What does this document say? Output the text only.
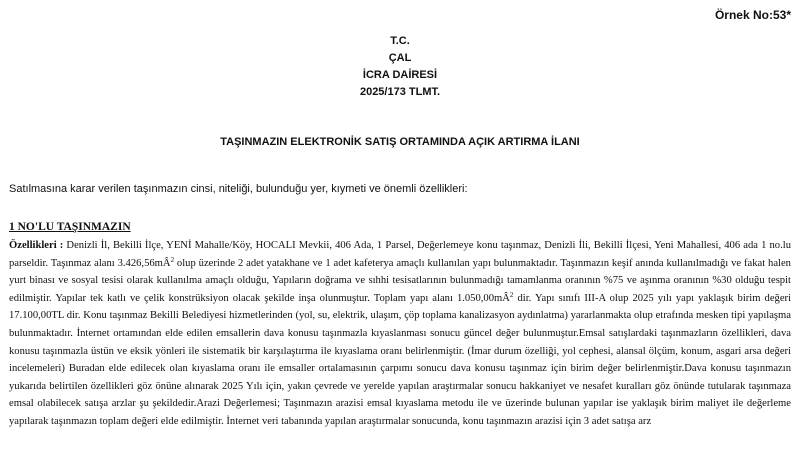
Örnek No:53*
T.C.
ÇAL
İCRA DAİRESİ
2025/173 TLMT.
TAŞINMAZIN ELEKTRONİK SATIŞ ORTAMINDA AÇIK ARTIRMA İLANI
Satılmasına karar verilen taşınmazın cinsi, niteliği, bulunduğu yer, kıymeti ve önemli özellikleri:
1 NO'LU TAŞINMAZIN

Özellikleri : Denizli İl, Bekilli İlçe, YENİ Mahalle/Köy, HOCALI Mevkii, 406 Ada, 1 Parsel, Değerlemeye konu taşınmaz, Denizli İli, Bekilli İlçesi, Yeni Mahallesi, 406 ada 1 no.lu parseldir. Taşınmaz alanı $3.426,56mÂ^2$ olup üzerinde 2 adet yatakhane ve 1 adet kafeterya amaçlı kullanılan yapı bulunmaktadır. Taşınmazın keşif anında kullanılmadığı ve fakat halen yurt binası ve sosyal tesisi olarak kullanılma amaçlı olduğu, Yapıların doğrama ve sıhhi tesisatlarının bulunmadığı tamamlanma oranının %75 ve aşınma oranının %30 olduğu tespit edilmiştir. Yapılar tek katlı ve çelik konstrüksiyon olacak şekilde inşa olunmuştur. Toplam yapı alanı $1.050,00mÂ^2$ dir. Yapı sınıfı III-A olup 2025 yılı yapı yaklaşık birim değeri 17.100,00TL dir. Konu taşınmaz Bekilli Belediyesi hizmetlerinden (yol, su, elektrik, ulaşım, çöp toplama kanalizasyon aydınlatma) yararlanmakta olup etrafında mesken tipi yapılaşma bulunmaktadır. İnternet ortamından elde edilen emsallerin dava konusu taşınmazla kıyaslanması sonucu güncel değer bulunmuştur.Emsal satışlardaki taşınmazların özellikleri, dava konusu taşınmazla üstün ve eksik yönleri ile sistematik bir karşılaştırma ile kıyaslama oranı belirlenmiştir. (İmar durum özelliği, yol cephesi, alansal ölçüm, konum, asgari arsa değeri incelemeleri) Buradan elde edilecek olan kıyaslama oranı ile emsaller ortalamasının çarpımı sonucu dava konusu taşınmaz için birim değer belirlenmiştir.Dava konusu taşınmazın yukarıda belirtilen özellikleri göz önüne alınarak 2025 Yılı için, yakın çevrede ve yerelde yapılan araştırmalar sonucu hakkaniyet ve nesafet kuralları göz önünde tutularak taşınmaza emsal olabilecek satışa arzlar şu şekildedir.Arazi Değerlemesi; Taşınmazın arazisi emsal kıyaslama metodu ile ve üzerinde bulunan yapılar ise yaklaşık birim maliyet ile değerleme yapılarak taşınmazın toplam değeri elde edilmiştir. İnternet veri tabanında yapılan araştırmalar sonucunda, konu taşınmazın arazisi için 3 adet satışa arz
